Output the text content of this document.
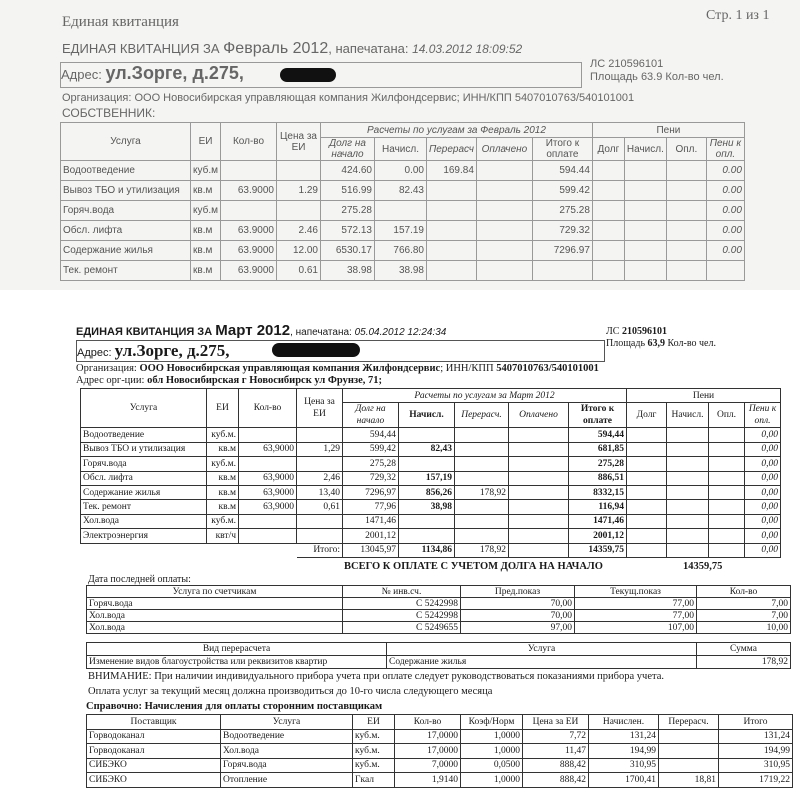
Единая квитанция	Стр. 1 из 1
ЕДИНАЯ КВИТАНЦИЯ ЗА Февраль 2012, напечатана: 14.03.2012 18:09:52
Адрес: ул.Зорге, д.275,	ЛС 210596101
Площадь 63.9 Кол-во чел.
Организация: ООО Новосибирская управляющая компания Жилфондсервис; ИНН/КПП 5407010763/540101001
СОБСТВЕННИК:
Услуга	ЕИ	Кол-во	Цена за ЕИ	Расчеты по услугам за Февраль 2012					Пени			
				Долг на начало	Начисл.	Перерасч	Оплачено	Итого к оплате	Долг	Начисл.	Опл.	Пени к опл.

Водоотведение	куб.м			424.60	0.00	169.84		594.44				0.00
Вывоз ТБО и утилизация	кв.м	63.9000	1.29	516.99	82.43			599.42				0.00
Горяч.вода	куб.м			275.28				275.28				0.00
Обсл. лифта	кв.м	63.9000	2.46	572.13	157.19			729.32				0.00
Содержание жилья	кв.м	63.9000	12.00	6530.17	766.80			7296.97				0.00
Тек. ремонт	кв.м	63.9000	0.61	38.98	38.98							
ЕДИНАЯ КВИТАНЦИЯ ЗА Март 2012, напечатана: 05.04.2012 12:24:34	ЛС 210596101
Площадь 63,9 Кол-во чел.
Адрес: ул.Зорге, д.275,
Организация: ООО Новосибирская управляющая компания Жилфондсервис; ИНН/КПП 5407010763/540101001
Адрес орг-ции: обл Новосибирская г Новосибирск ул Фрунзе, 71;
Услуга	ЕИ	Кол-во	Цена за ЕИ	Расчеты по услугам за Март 2012					Пени			
				Долг на начало	Начисл.	Перерасч.	Оплачено	Итого к оплате	Долг	Начисл.	Опл.	Пени к опл.

Водоотведение	куб.м.			594,44				594,44				0,00
Вывоз ТБО и утилизация	кв.м	63,9000	1,29	599,42	82,43			681,85				0,00
Горяч.вода	куб.м.			275,28				275,28				0,00
Обсл. лифта	кв.м	63,9000	2,46	729,32	157,19			886,51				0,00
Содержание жилья	кв.м	63,9000	13,40	7296,97	856,26	178,92		8332,15				0,00
Тек. ремонт	кв.м	63,9000	0,61	77,96	38,98			116,94				0,00
Хол.вода	куб.м.			1471,46				1471,46				0,00
Электроэнергия	квт/ч			2001,12				2001,12				0,00
			Итого:	13045,97	1134,86	178,92		14359,75				0,00
ВСЕГО К ОПЛАТЕ С УЧЕТОМ ДОЛГА НА НАЧАЛО	14359,75
Дата последней оплаты:
Услуга по счетчикам	№ инв.сч.	Пред.показ	Текущ.показ	Кол-во
Горяч.вода	С 5242998	70,00	77,00	7,00
Хол.вода	С 5242998	70,00	77,00	7,00
Хол.вода	С 5249655	97,00	107,00	10,00
Вид перерасчета	Услуга	Сумма
Изменение видов благоустройства или реквизитов квартир	Содержание жилья	178,92
ВНИМАНИЕ: При наличии индивидуального прибора учета при оплате следует руководствоваться показаниями прибора учета.
Оплата услуг за текущий месяц должна производиться до 10-го числа следующего месяца
Справочно: Начисления для оплаты сторонним поставщикам
Поставщик	Услуга	ЕИ	Кол-во	Коэф/Норм	Цена за ЕИ	Начислен.	Перерасч.	Итого
Горводоканал	Водоотведение	куб.м.	17,0000	1,0000	7,72	131,24		131,24
Горводоканал	Хол.вода	куб.м.	17,0000	1,0000	11,47	194,99		194,99
СИБЭКО	Горяч.вода	куб.м.	7,0000	0,0500	888,42	310,95		310,95
СИБЭКО	Отопление	Гкал	1,9140	1,0000	888,42	1700,41	18,81	1719,22
